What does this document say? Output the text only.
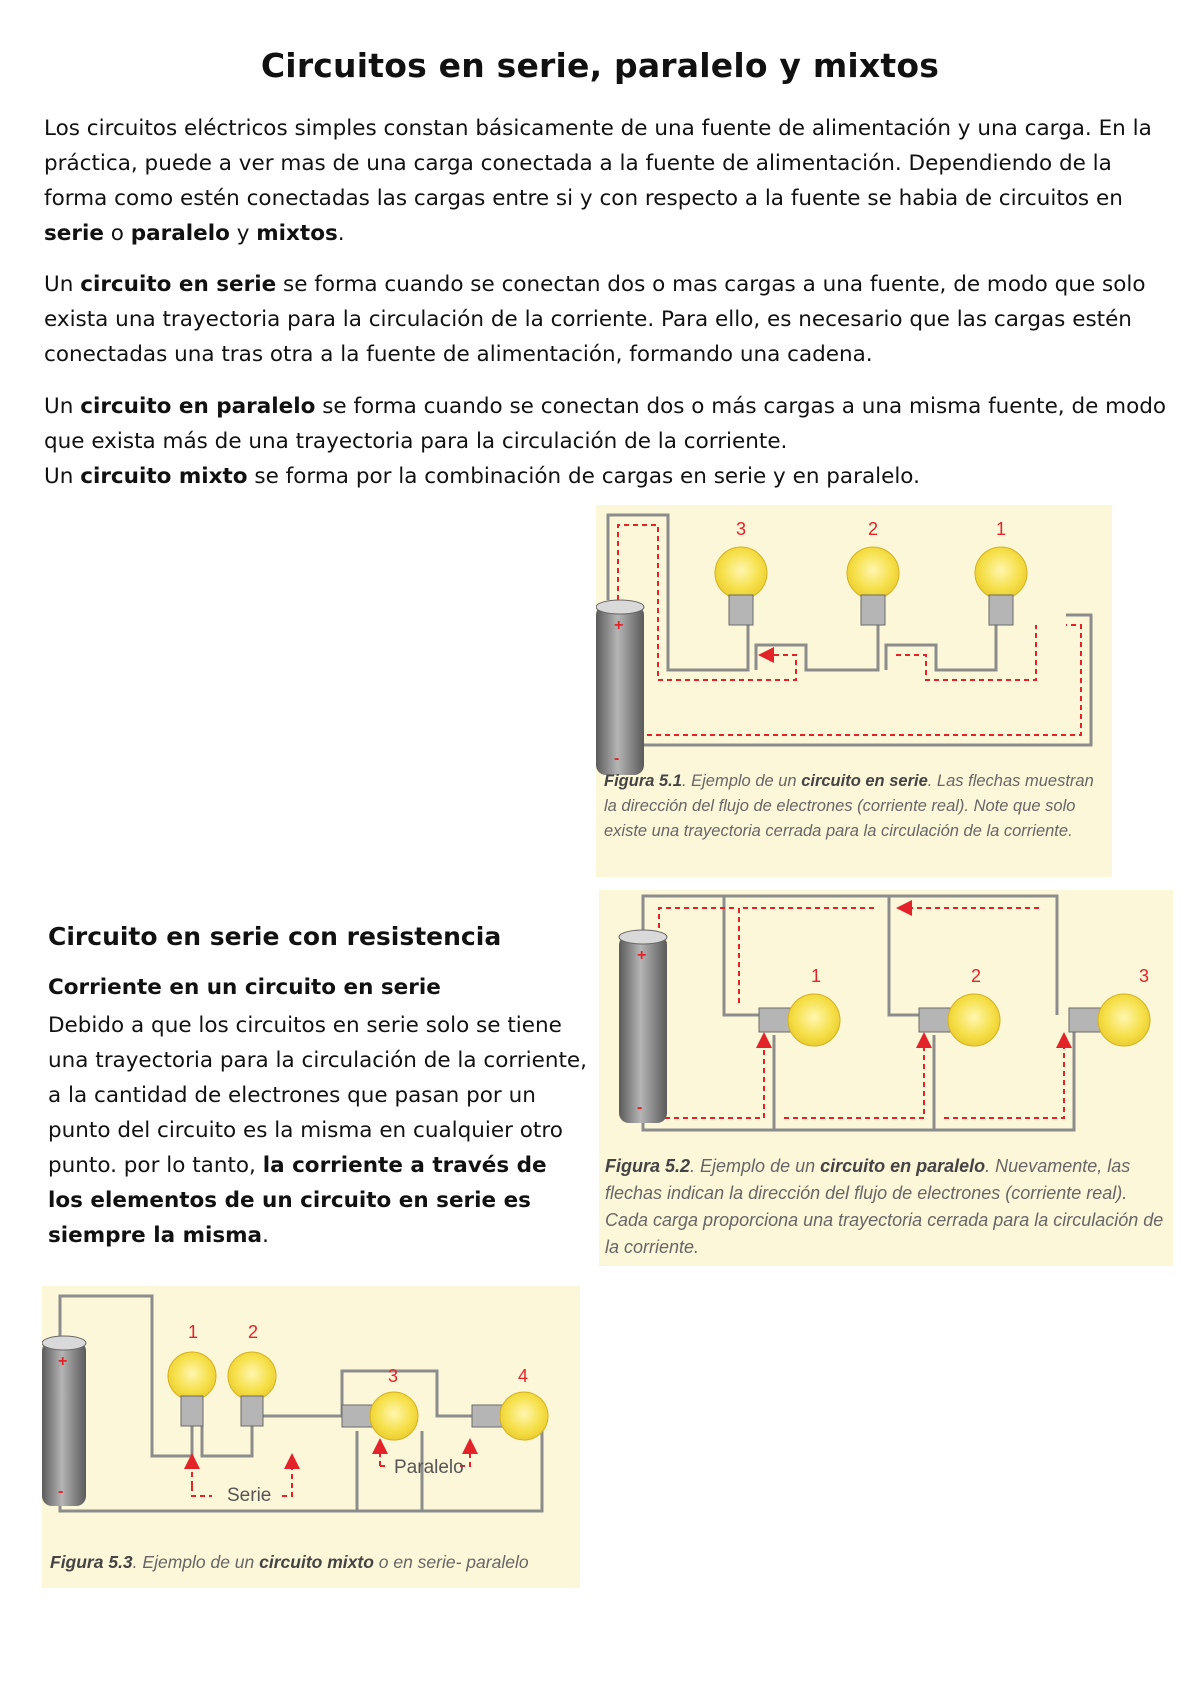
Circuitos en serie, paralelo y mixtos

Los circuitos eléctricos simples constan básicamente de una fuente de alimentación y una carga. En la práctica, puede a ver mas de una carga conectada a la fuente de alimentación. Dependiendo de la forma como estén conectadas las cargas entre si y con respecto a la fuente se habia de circuitos en serie o paralelo y mixtos.

Un circuito en serie se forma cuando se conectan dos o mas cargas a una fuente, de modo que solo exista una trayectoria para la circulación de la corriente. Para ello, es necesario que las cargas estén conectadas una tras otra a la fuente de alimentación, formando una cadena.

Un circuito en paralelo se forma cuando se conectan dos o más cargas a una misma fuente, de modo que exista más de una trayectoria para la circulación de la corriente.

Un circuito mixto se forma por la combinación de cargas en serie y en paralelo.

+
-
3	2	1

Figura 5.1. Ejemplo de un circuito en serie. Las flechas muestran la dirección del flujo de electrones (corriente real). Note que solo existe una trayectoria cerrada para la circulación de la corriente.

+
-
1	2	3

Figura 5.2. Ejemplo de un circuito en paralelo. Nuevamente, las flechas indican la dirección del flujo de electrones (corriente real). Cada carga proporciona una trayectoria cerrada para la circulación de la corriente.

Circuito en serie con resistencia
Corriente en un circuito en serie

Debido a que los circuitos en serie solo se tiene una trayectoria para la circulación de la corriente, a la cantidad de electrones que pasan por un punto del circuito es la misma en cualquier otro punto. por lo tanto, la corriente a través de los elementos de un circuito en serie es siempre la misma.

+
-
1	2
3	4
Serie
Paralelo

Figura 5.3. Ejemplo de un circuito mixto o en serie- paralelo
